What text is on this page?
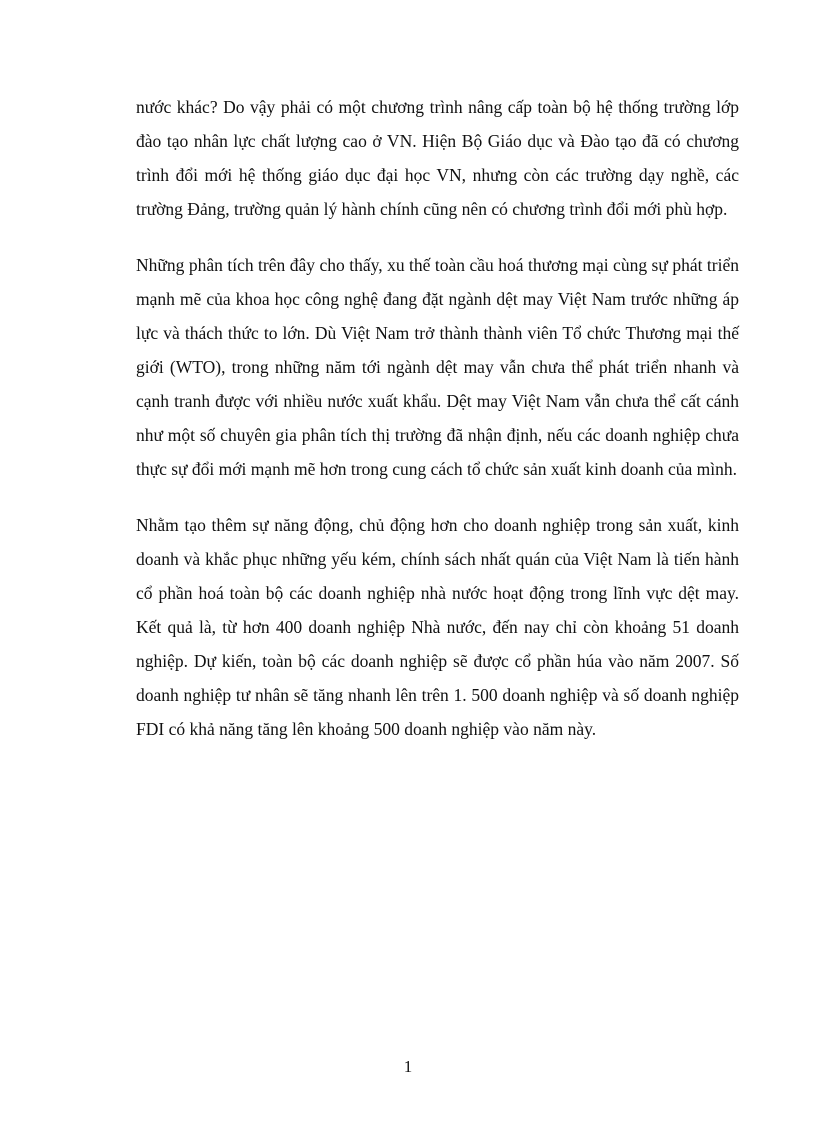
nước khác? Do vậy phải có một chương trình nâng cấp toàn bộ hệ thống trường lớp đào tạo nhân lực chất lượng cao ở VN. Hiện Bộ Giáo dục và Đào tạo đã có chương trình đổi mới hệ thống giáo dục đại học VN, nhưng còn các trường dạy nghề, các trường Đảng, trường quản lý hành chính cũng nên có chương trình đổi mới phù hợp.

Những phân tích trên đây cho thấy, xu thế toàn cầu hoá thương mại cùng sự phát triển mạnh mẽ của khoa học công nghệ đang đặt ngành dệt may Việt Nam trước những áp lực và thách thức to lớn. Dù Việt Nam trở thành thành viên Tổ chức Thương mại thế giới (WTO), trong những năm tới ngành dệt may vẫn chưa thể phát triển nhanh và cạnh tranh được với nhiều nước xuất khẩu. Dệt may Việt Nam vẫn chưa thể cất cánh như một số chuyên gia phân tích thị trường đã nhận định, nếu các doanh nghiệp chưa thực sự đổi mới mạnh mẽ hơn trong cung cách tổ chức sản xuất kinh doanh của mình.

Nhằm tạo thêm sự năng động, chủ động hơn cho doanh nghiệp trong sản xuất, kinh doanh và khắc phục những yếu kém, chính sách nhất quán của Việt Nam là tiến hành cổ phần hoá toàn bộ các doanh nghiệp nhà nước hoạt động trong lĩnh vực dệt may. Kết quả là, từ hơn 400 doanh nghiệp Nhà nước, đến nay chỉ còn khoảng 51 doanh nghiệp. Dự kiến, toàn bộ các doanh nghiệp sẽ được cổ phần húa vào năm 2007. Số doanh nghiệp tư nhân sẽ tăng nhanh lên trên 1. 500 doanh nghiệp và số doanh nghiệp FDI có khả năng tăng lên khoảng 500 doanh nghiệp vào năm này.

1
